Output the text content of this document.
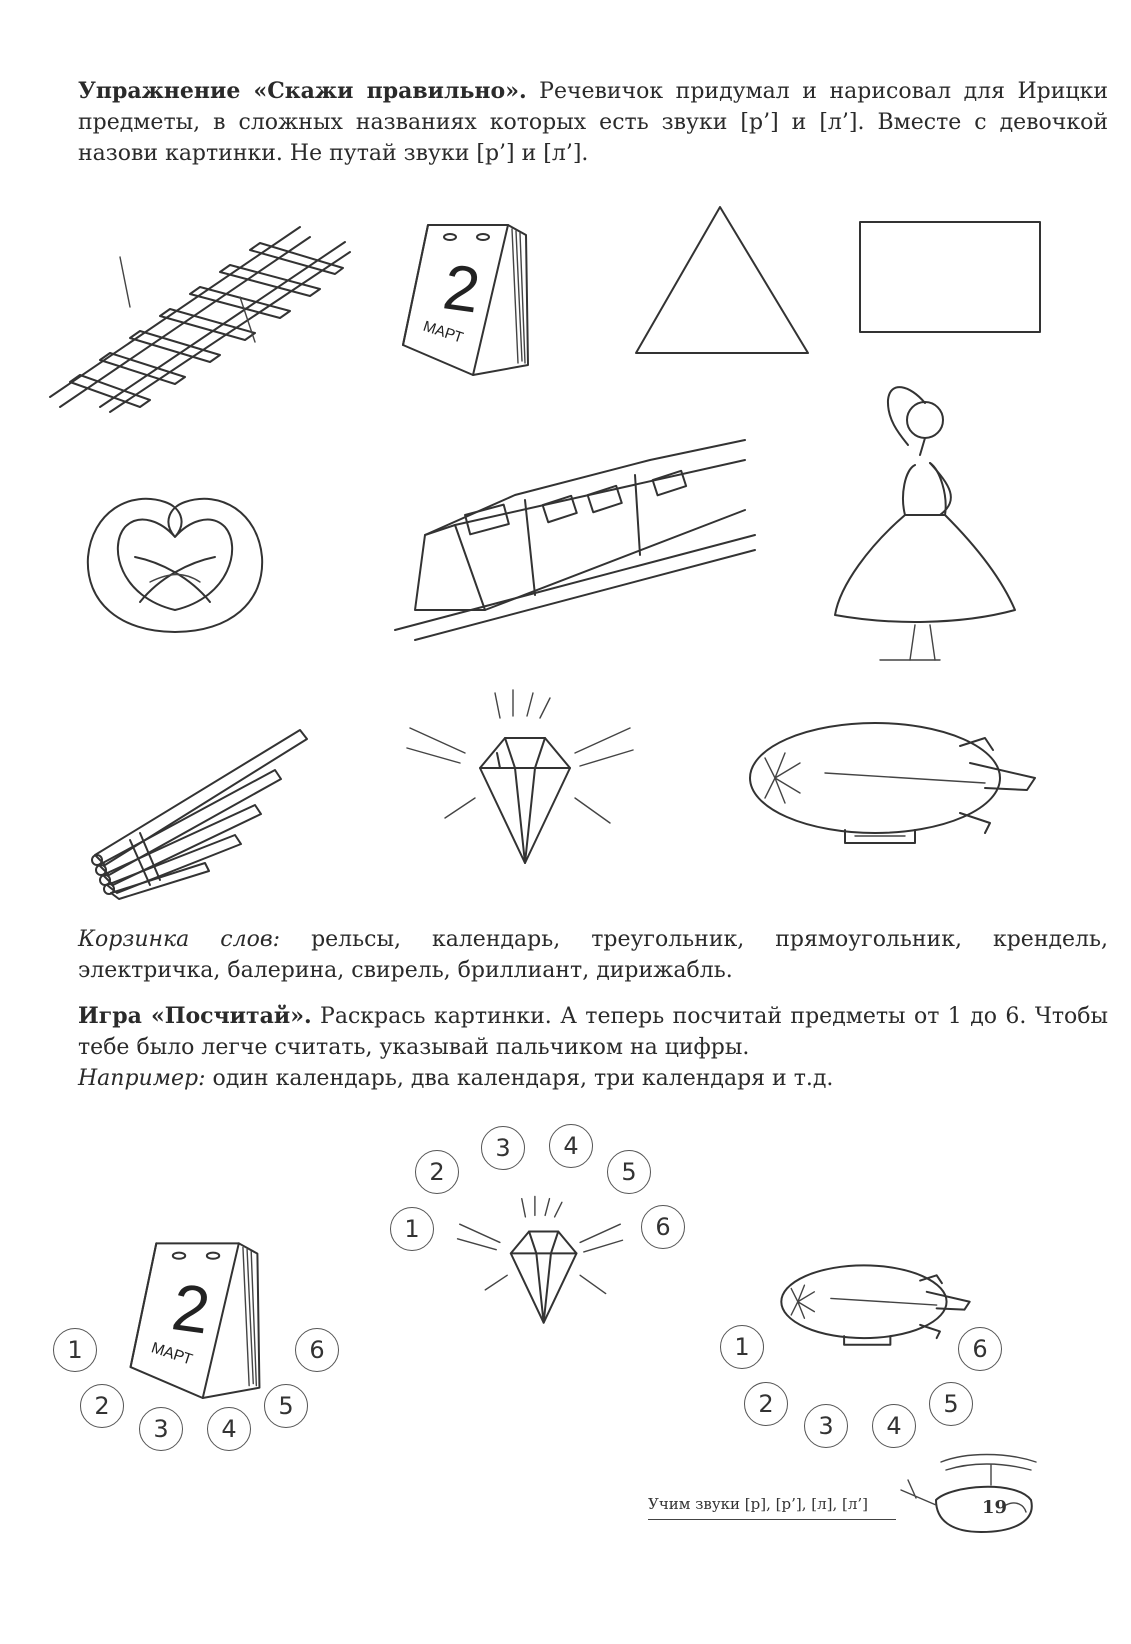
Упражнение «Скажи правильно». Речевичок придумал и нарисовал для Ирицки предметы, в сложных названиях которых есть звуки [р’] и [л’]. Вместе с девочкой назови картинки. Не путай звуки [р’] и [л’].

2
МАРТ

Корзинка слов: рельсы, календарь, треугольник, прямоугольник, крендель, электричка, балерина, свирель, бриллиант, дирижабль.

Игра «Посчитай». Раскрась картинки. А теперь посчитай предметы от 1 до 6. Чтобы тебе было легче считать, указывай пальчиком на цифры.

Например: один календарь, два календаря, три календаря и т.д.

2
МАРТ
1
2
3	4
5
6
1
2
3	4
5
6
1
2
3	4
5
6
Учим звуки [р], [р’], [л], [л’]	19
